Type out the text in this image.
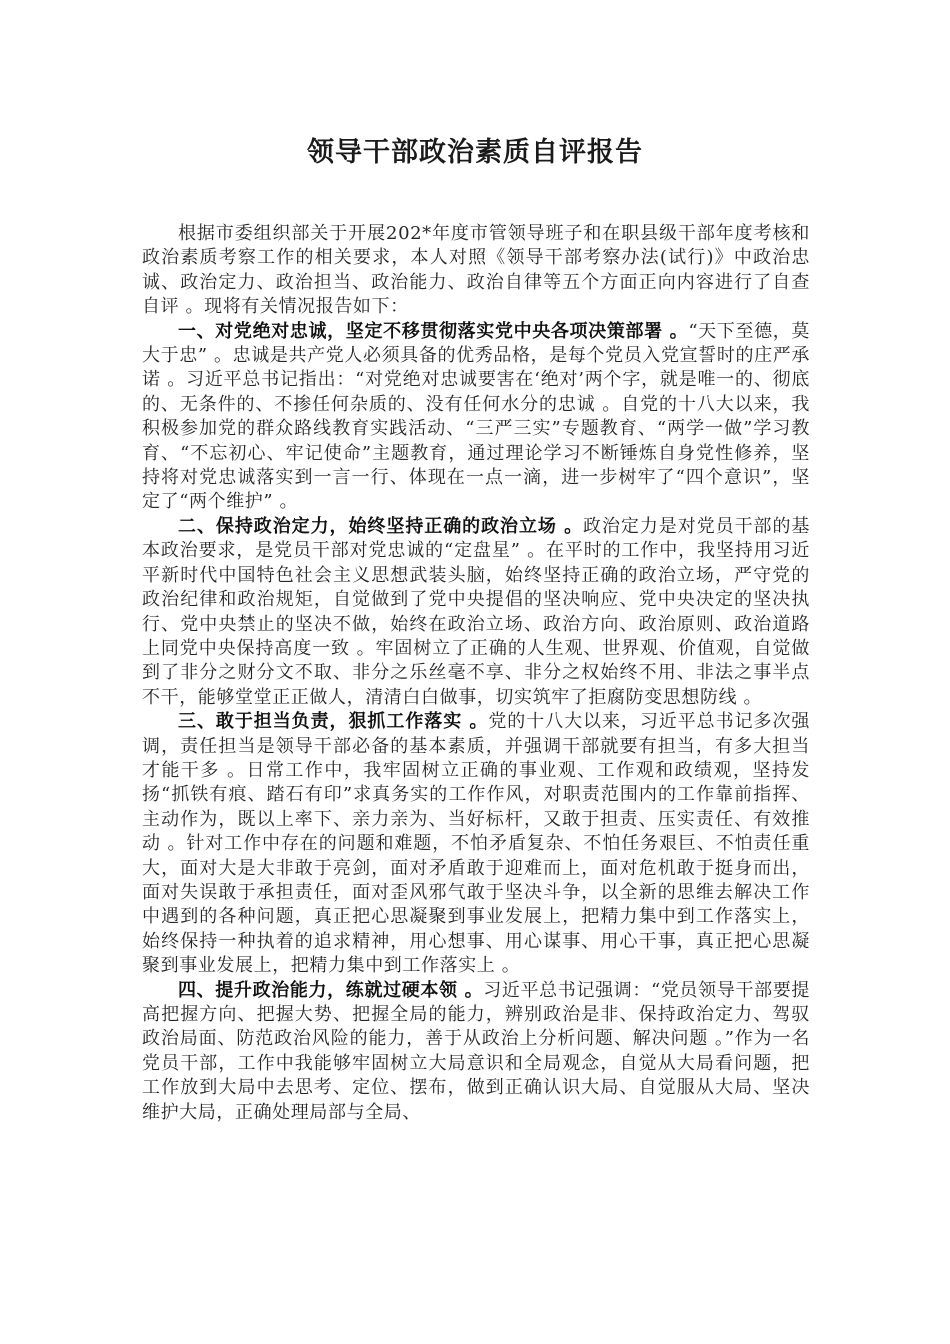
领导干部政治素质自评报告

根据市委组织部关于开展202*年度市管领导班子和在职县级干部年度考核和政治素质考察工作的相关要求，本人对照《领导干部考察办法(试行)》中政治忠诚、政治定力、政治担当、政治能力、政治自律等五个方面正向内容进行了自查自评 。现将有关情况报告如下：

一、对党绝对忠诚，坚定不移贯彻落实党中央各项决策部署 。“天下至德，莫大于忠” 。忠诚是共产党人必须具备的优秀品格，是每个党员入党宣誓时的庄严承诺 。习近平总书记指出：“对党绝对忠诚要害在‘绝对’两个字，就是唯一的、彻底的、无条件的、不掺任何杂质的、没有任何水分的忠诚 。自党的十八大以来，我积极参加党的群众路线教育实践活动、“三严三实”专题教育、“两学一做”学习教育、“不忘初心、牢记使命”主题教育，通过理论学习不断锤炼自身党性修养，坚持将对党忠诚落实到一言一行、体现在一点一滴，进一步树牢了“四个意识”，坚定了“两个维护” 。

二、保持政治定力，始终坚持正确的政治立场 。政治定力是对党员干部的基本政治要求，是党员干部对党忠诚的“定盘星” 。在平时的工作中，我坚持用习近平新时代中国特色社会主义思想武装头脑，始终坚持正确的政治立场，严守党的政治纪律和政治规矩，自觉做到了党中央提倡的坚决响应、党中央决定的坚决执行、党中央禁止的坚决不做，始终在政治立场、政治方向、政治原则、政治道路上同党中央保持高度一致 。牢固树立了正确的人生观、世界观、价值观，自觉做到了非分之财分文不取、非分之乐丝毫不享、非分之权始终不用、非法之事半点不干，能够堂堂正正做人，清清白白做事，切实筑牢了拒腐防变思想防线 。

三、敢于担当负责，狠抓工作落实 。党的十八大以来，习近平总书记多次强调，责任担当是领导干部必备的基本素质，并强调干部就要有担当，有多大担当才能干多 。日常工作中，我牢固树立正确的事业观、工作观和政绩观，坚持发扬“抓铁有痕、踏石有印”求真务实的工作作风，对职责范围内的工作靠前指挥、主动作为，既以上率下、亲力亲为、当好标杆，又敢于担责、压实责任、有效推动 。针对工作中存在的问题和难题，不怕矛盾复杂、不怕任务艰巨、不怕责任重大，面对大是大非敢于亮剑，面对矛盾敢于迎难而上，面对危机敢于挺身而出，面对失误敢于承担责任，面对歪风邪气敢于坚决斗争，以全新的思维去解决工作中遇到的各种问题，真正把心思凝聚到事业发展上，把精力集中到工作落实上，始终保持一种执着的追求精神，用心想事、用心谋事、用心干事，真正把心思凝聚到事业发展上，把精力集中到工作落实上 。

四、提升政治能力，练就过硬本领 。习近平总书记强调：“党员领导干部要提高把握方向、把握大势、把握全局的能力，辨别政治是非、保持政治定力、驾驭政治局面、防范政治风险的能力，善于从政治上分析问题、解决问题 。”作为一名党员干部，工作中我能够牢固树立大局意识和全局观念，自觉从大局看问题，把工作放到大局中去思考、定位、摆布，做到正确认识大局、自觉服从大局、坚决维护大局，正确处理局部与全局、
